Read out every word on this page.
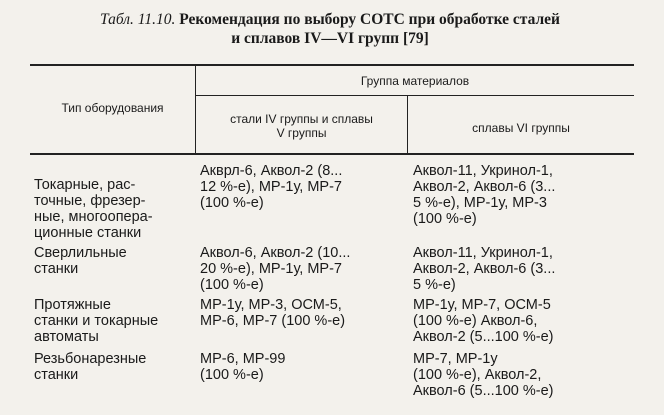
Табл. 11.10. Рекомендация по выбору СОТС при обработке сталей
и сплавов IV—VI групп [79]
Тип оборудования
Группа материалов
стали IV группы и сплавы
V группы	сплавы VI группы
Токарные, рас-
точные, фрезер-
ные, многоопера-
ционные станки
Акврл-6, Аквол-2 (8...
12 %-е), МР-1у, МР-7
(100 %-е)
Аквол-11, Укринол-1,
Аквол-2, Аквол-6 (3...
5 %-е), МР-1у, МР-3
(100 %-е)
Сверлильные
станки
Аквол-6, Аквол-2 (10...
20 %-е), МР-1у, МР-7
(100 %-е)
Аквол-11, Укринол-1,
Аквол-2, Аквол-6 (3...
5 %-е)
Протяжные
станки и токарные
автоматы
МР-1у, МР-3, ОСМ-5,
МР-6, МР-7 (100 %-е)
МР-1у, МР-7, ОСМ-5
(100 %-е) Аквол-6,
Аквол-2 (5...100 %-е)
Резьбонарезные
станки
МР-6, МР-99
(100 %-е)
МР-7, МР-1у
(100 %-е), Аквол-2,
Аквол-6 (5...100 %-е)
